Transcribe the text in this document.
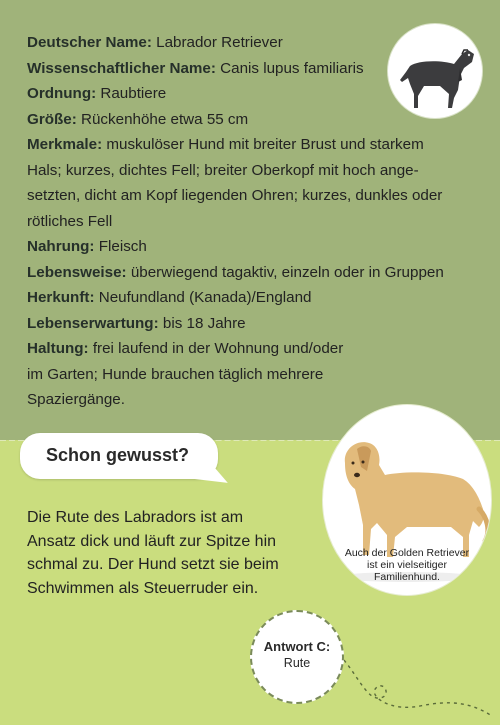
Deutscher Name: Labrador Retriever
Wissenschaftlicher Name: Canis lupus familiaris
Ordnung: Raubtiere
Größe: Rückenhöhe etwa 55 cm
Merkmale: muskulöser Hund mit breiter Brust und starkem
Hals; kurzes, dichtes Fell; breiter Oberkopf mit hoch ange-
setzten, dicht am Kopf liegenden Ohren; kurzes, dunkles oder
rötliches Fell
Nahrung: Fleisch
Lebensweise: überwiegend tagaktiv, einzeln oder in Gruppen
Herkunft: Neufundland (Kanada)/England
Lebenserwartung: bis 18 Jahre
Haltung: frei laufend in der Wohnung und/oder
im Garten; Hunde brauchen täglich mehrere
Spaziergänge.
Schon gewusst?
Die Rute des Labradors ist am
Ansatz dick und läuft zur Spitze hin
schmal zu. Der Hund setzt sie beim
Schwimmen als Steuerruder ein.
Auch der Golden Retriever
ist ein vielseitiger
Familienhund.
Antwort C:
Rute
